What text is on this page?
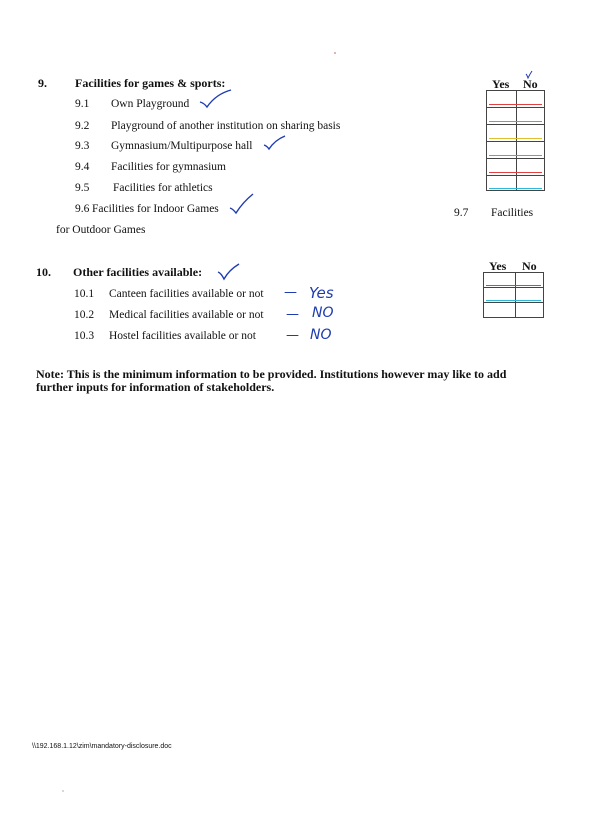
9. Facilities for games & sports:	Yes No
9.1 Own Playground
9.2 Playground of another institution on sharing basis
9.3 Gymnasium/Multipurpose hall
9.4 Facilities for gymnasium
9.5 Facilities for athletics
9.6 Facilities for Indoor Games	9.7 Facilities
for Outdoor Games
10. Other facilities available:	Yes No
10.1 Canteen facilities available or not — Yes
10.2 Medical facilities available or not — NO
10.3 Hostel facilities available or not — NO
Note: This is the minimum information to be provided. Institutions however may like to add
further inputs for information of stakeholders.
\\192.168.1.12\zim\mandatory-disclosure.doc
